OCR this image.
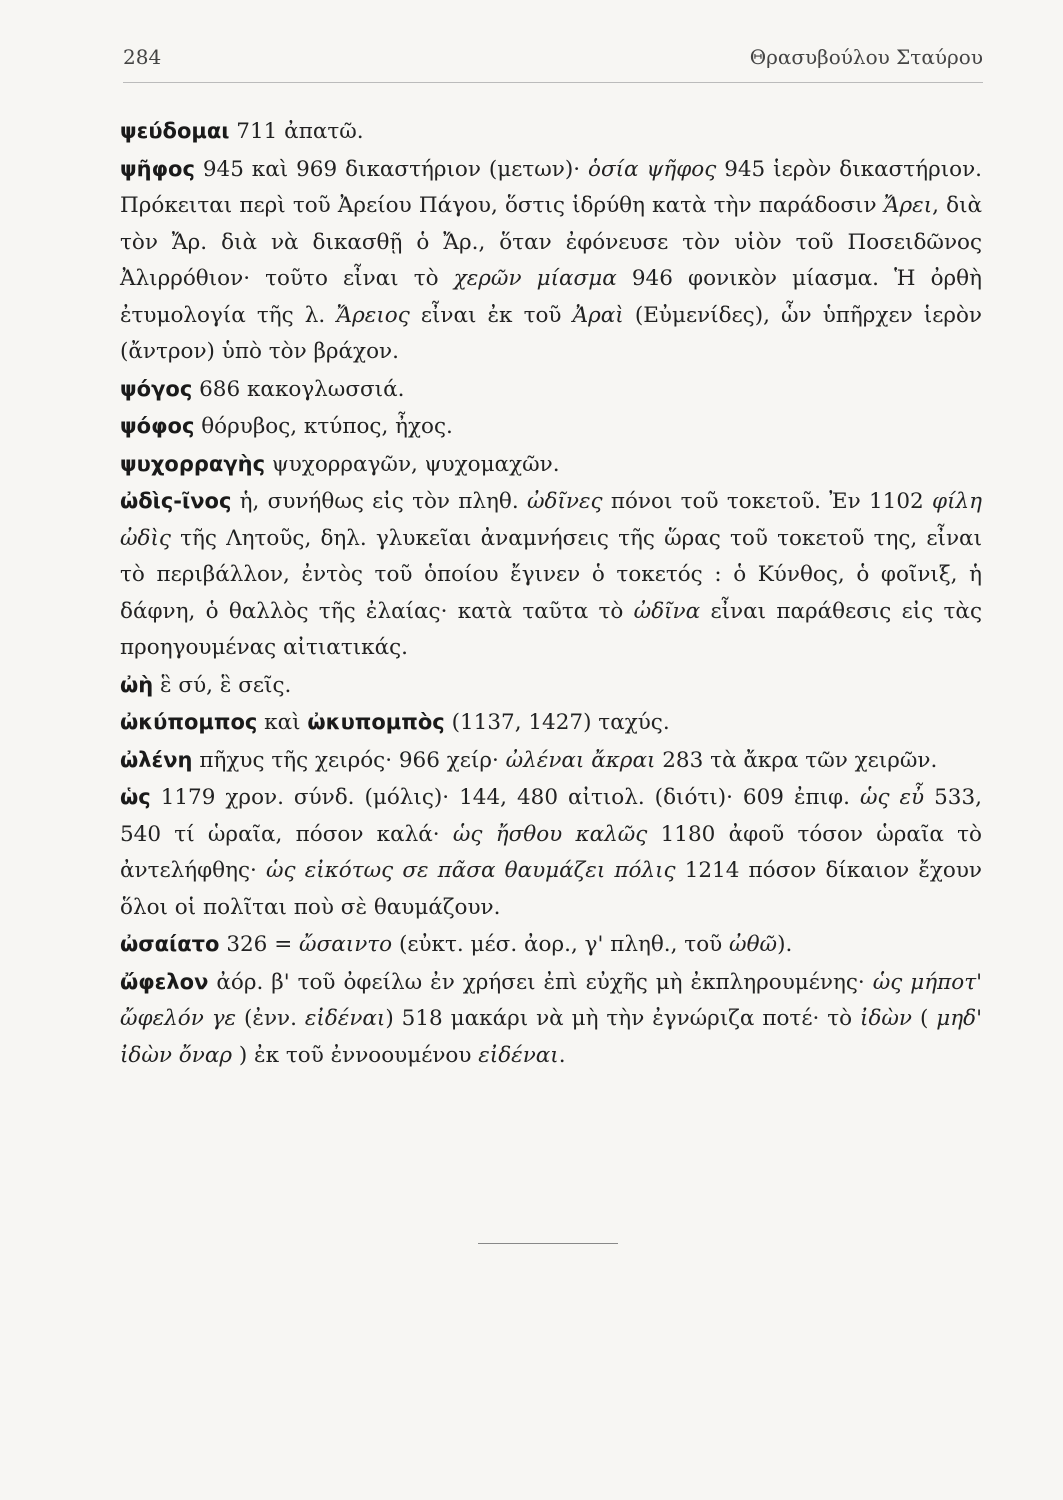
284	Θρασυβούλου Σταύρου

ψεύδομαι 711 ἀπατῶ.

ψῆφος 945 καὶ 969 δικαστήριον (μετων)· ὁσία ψῆφος 945 ἱερὸν δικαστήριον. Πρόκειται περὶ τοῦ Ἀρείου Πάγου, ὅστις ἱδρύθη κατὰ τὴν παράδοσιν Ἄρει, διὰ τὸν Ἄρ. διὰ νὰ δικασθῇ ὁ Ἄρ., ὅταν ἐφόνευσε τὸν υἱὸν τοῦ Ποσειδῶνος Ἀλιρρόθιον· τοῦτο εἶναι τὸ χερῶν μίασμα 946 φονικὸν μίασμα. Ἡ ὀρθὴ ἐτυμολογία τῆς λ. Ἄρειος εἶναι ἐκ τοῦ Ἀραὶ (Εὐμενίδες), ὧν ὑπῆρχεν ἱερὸν (ἄντρον) ὑπὸ τὸν βράχον.

ψόγος 686 κακογλωσσιά.

ψόφος θόρυβος, κτύπος, ἦχος.

ψυχορραγὴς ψυχορραγῶν, ψυχομαχῶν.

ὠδὶς-ῖνος ἡ, συνήθως εἰς τὸν πληθ. ὠδῖνες πόνοι τοῦ τοκετοῦ. Ἐν 1102 φίλη ὠδὶς τῆς Λητοῦς, δηλ. γλυκεῖαι ἀναμνήσεις τῆς ὥρας τοῦ τοκετοῦ της, εἶναι τὸ περιβάλλον, ἐντὸς τοῦ ὁποίου ἔγινεν ὁ τοκετός : ὁ Κύνθος, ὁ φοῖνιξ, ἡ δάφνη, ὁ θαλλὸς τῆς ἐλαίας· κατὰ ταῦτα τὸ ὠδῖνα εἶναι παράθεσις εἰς τὰς προηγουμένας αἰτιατικάς.

ὠὴ ἓ σύ, ἓ σεῖς.

ὠκύπομπος καὶ ὠκυπομπὸς (1137, 1427) ταχύς.

ὠλένη πῆχυς τῆς χειρός· 966 χείρ· ὠλέναι ἄκραι 283 τὰ ἄκρα τῶν χειρῶν.

ὡς 1179 χρον. σύνδ. (μόλις)· 144, 480 αἰτιολ. (διότι)· 609 ἐπιφ. ὡς εὖ 533, 540 τί ὡραῖα, πόσον καλά· ὡς ἤσθου καλῶς 1180 ἀφοῦ τόσον ὡραῖα τὸ ἀντελήφθης· ὡς εἰκότως σε πᾶσα θαυμάζει πόλις 1214 πόσον δίκαιον ἔχουν ὅλοι οἱ πολῖται ποὺ σὲ θαυμάζουν.

ὠσαίατο 326 = ὤσαιντο (εὐκτ. μέσ. ἀορ., γ' πληθ., τοῦ ὠθῶ).

ὤφελον ἀόρ. β' τοῦ ὀφείλω ἐν χρήσει ἐπὶ εὐχῆς μὴ ἐκπληρουμένης· ὡς μήποτ' ὤφελόν γε (ἐνν. εἰδέναι) 518 μακάρι νὰ μὴ τὴν ἐγνώριζα ποτέ· τὸ ἰδὼν ( μηδ' ἰδὼν ὄναρ ) ἐκ τοῦ ἐννοουμένου εἰδέναι.
